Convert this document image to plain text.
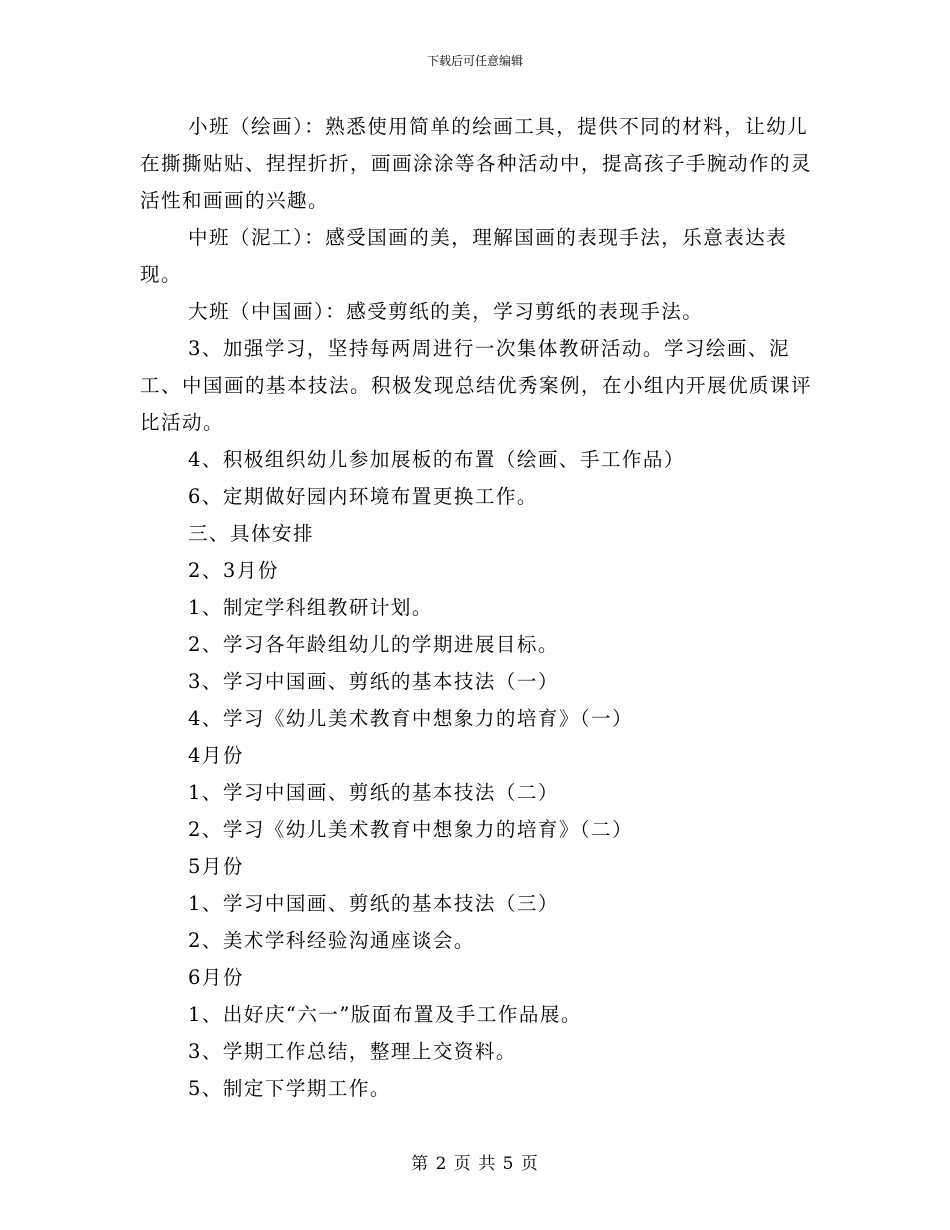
下载后可任意编辑

小班（绘画）：熟悉使用简单的绘画工具，提供不同的材料，让幼儿在撕撕贴贴、捏捏折折，画画涂涂等各种活动中，提高孩子手腕动作的灵活性和画画的兴趣。

中班（泥工）：感受国画的美，理解国画的表现手法，乐意表达表现。

大班（中国画）：感受剪纸的美，学习剪纸的表现手法。

3、加强学习，坚持每两周进行一次集体教研活动。学习绘画、泥工、中国画的基本技法。积极发现总结优秀案例，在小组内开展优质课评比活动。

4、积极组织幼儿参加展板的布置（绘画、手工作品）

6、定期做好园内环境布置更换工作。

三、具体安排

2、3月份

1、制定学科组教研计划。

2、学习各年龄组幼儿的学期进展目标。

3、学习中国画、剪纸的基本技法（一）

4、学习《幼儿美术教育中想象力的培育》（一）

4月份

1、学习中国画、剪纸的基本技法（二）

2、学习《幼儿美术教育中想象力的培育》（二）

5月份

1、学习中国画、剪纸的基本技法（三）

2、美术学科经验沟通座谈会。

6月份

1、出好庆“六一”版面布置及手工作品展。

3、学期工作总结，整理上交资料。

5、制定下学期工作。

第 2 页 共 5 页
